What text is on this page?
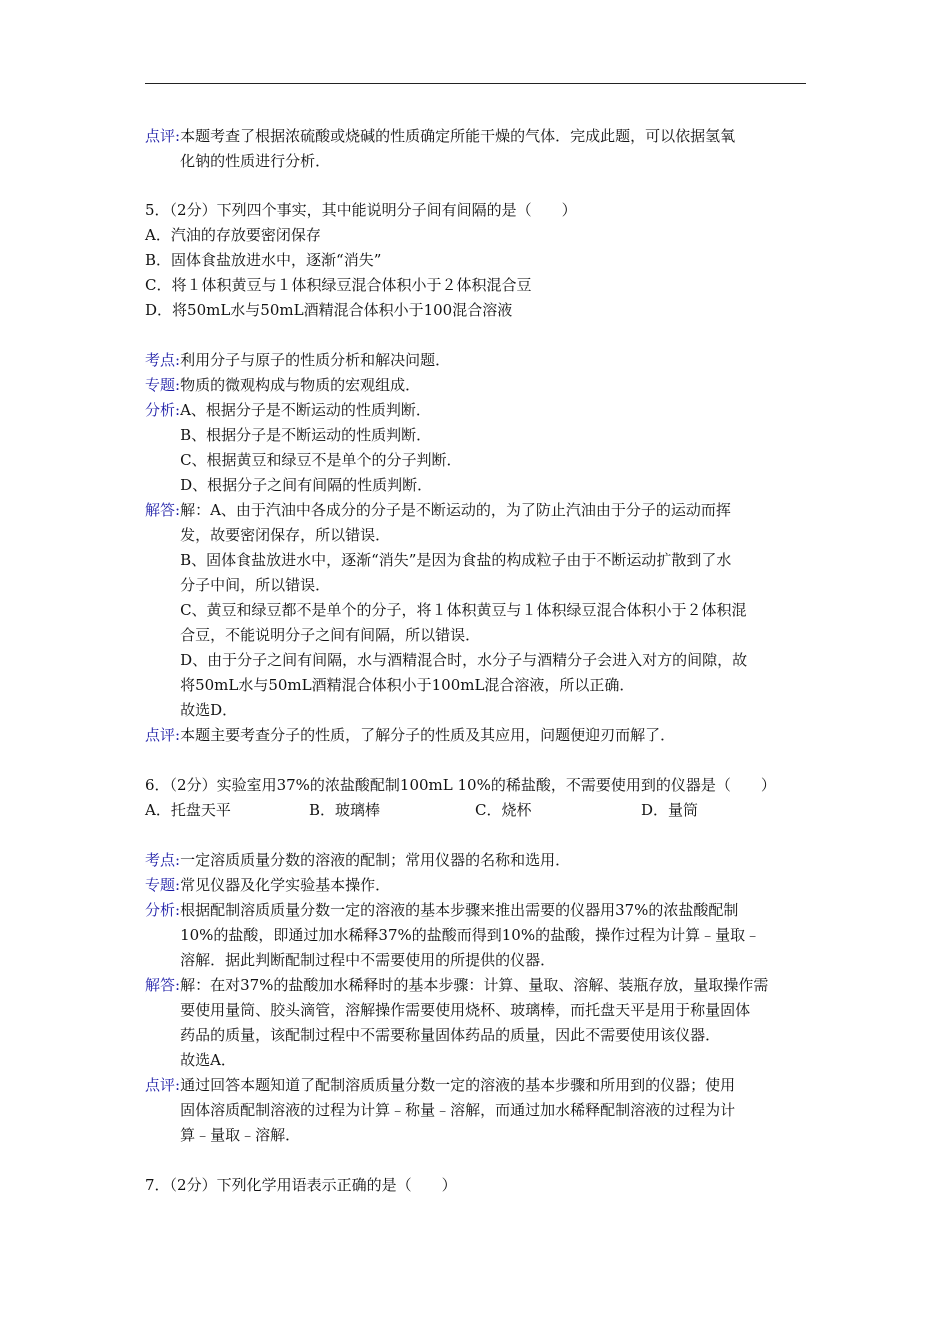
点评: 本题考查了根据浓硫酸或烧碱的性质确定所能干燥的气体．完成此题，可以依据氢氧
化钠的性质进行分析．
5．（2分）下列四个事实，其中能说明分子间有间隔的是（　　）
A．汽油的存放要密闭保存
B．固体食盐放进水中，逐渐“消失”
C．将１体积黄豆与１体积绿豆混合体积小于２体积混合豆
D．将50mL水与50mL酒精混合体积小于100混合溶液
考点: 利用分子与原子的性质分析和解决问题．
专题: 物质的微观构成与物质的宏观组成．
分析: A、根据分子是不断运动的性质判断．
B、根据分子是不断运动的性质判断．
C、根据黄豆和绿豆不是单个的分子判断．
D、根据分子之间有间隔的性质判断．
解答: 解：A、由于汽油中各成分的分子是不断运动的，为了防止汽油由于分子的运动而挥
发，故要密闭保存，所以错误．
B、固体食盐放进水中，逐渐“消失”是因为食盐的构成粒子由于不断运动扩散到了水
分子中间，所以错误．
C、黄豆和绿豆都不是单个的分子，将１体积黄豆与１体积绿豆混合体积小于２体积混
合豆，不能说明分子之间有间隔，所以错误．
D、由于分子之间有间隔，水与酒精混合时，水分子与酒精分子会进入对方的间隙，故
将50mL水与50mL酒精混合体积小于100mL混合溶液，所以正确．
故选D．
点评: 本题主要考查分子的性质，了解分子的性质及其应用，问题便迎刃而解了．
6．（2分）实验室用37%的浓盐酸配制100mL 10%的稀盐酸，不需要使用到的仪器是（　　）
A．托盘天平	B．玻璃棒	C．烧杯	D．量筒
考点: 一定溶质质量分数的溶液的配制；常用仪器的名称和选用．
专题: 常见仪器及化学实验基本操作．
分析: 根据配制溶质质量分数一定的溶液的基本步骤来推出需要的仪器用37%的浓盐酸配制
10%的盐酸，即通过加水稀释37%的盐酸而得到10%的盐酸，操作过程为计算﹣量取﹣
溶解．据此判断配制过程中不需要使用的所提供的仪器．
解答: 解：在对37%的盐酸加水稀释时的基本步骤：计算、量取、溶解、装瓶存放，量取操作需
要使用量筒、胶头滴管，溶解操作需要使用烧杯、玻璃棒，而托盘天平是用于称量固体
药品的质量，该配制过程中不需要称量固体药品的质量，因此不需要使用该仪器．
故选A．
点评: 通过回答本题知道了配制溶质质量分数一定的溶液的基本步骤和所用到的仪器；使用
固体溶质配制溶液的过程为计算﹣称量﹣溶解，而通过加水稀释配制溶液的过程为计
算﹣量取﹣溶解．
7．（2分）下列化学用语表示正确的是（　　）
